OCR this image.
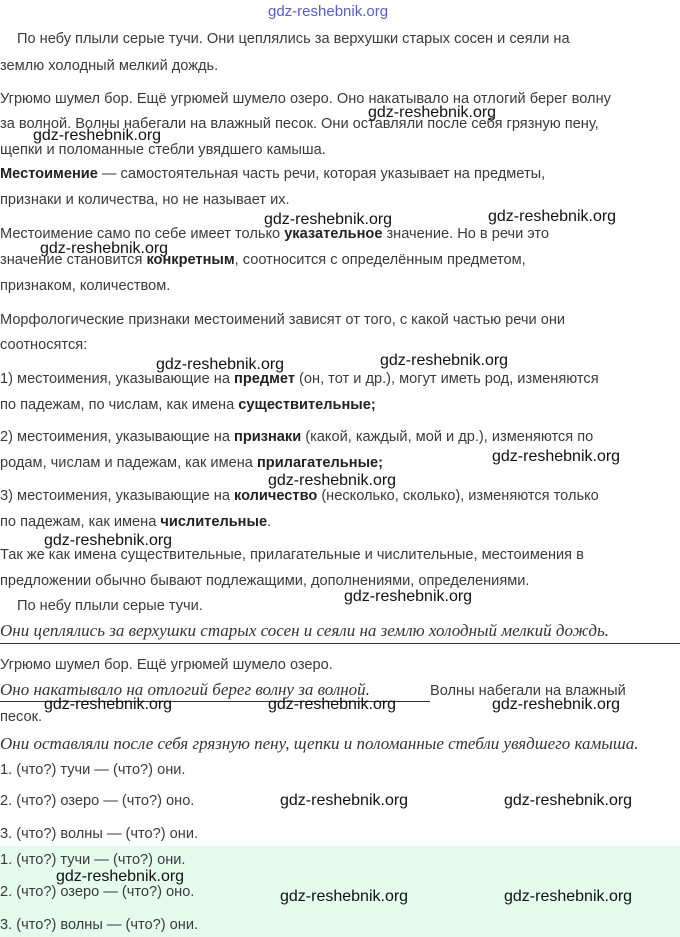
gdz-reshebnik.org
По небу плыли серые тучи. Они цеплялись за верхушки старых сосен и сеяли на
землю холодный мелкий дождь.
Угрюмо шумел бор. Ещё угрюмей шумело озеро. Оно накатывало на отлогий берег волну
за волной. Волны набегали на влажный песок. Они оставляли после себя грязную пену,
щепки и поломанные стебли увядшего камыша.
Местоимение — самостоятельная часть речи, которая указывает на предметы,
признаки и количества, но не называет их.
Местоимение само по себе имеет только указательное значение. Но в речи это
значение становится конкретным, соотносится с определённым предметом,
признаком, количеством.
Морфологические признаки местоимений зависят от того, с какой частью речи они
соотносятся:
1) местоимения, указывающие на предмет (он, тот и др.), могут иметь род, изменяются
по падежам, по числам, как имена существительные;
2) местоимения, указывающие на признаки (какой, каждый, мой и др.), изменяются по
родам, числам и падежам, как имена прилагательные;
3) местоимения, указывающие на количество (несколько, сколько), изменяются только
по падежам, как имена числительные.
Так же как имена существительные, прилагательные и числительные, местоимения в
предложении обычно бывают подлежащими, дополнениями, определениями.
По небу плыли серые тучи.
Они цеплялись за верхушки старых сосен и сеяли на землю холодный мелкий дождь.
Угрюмо шумел бор. Ещё угрюмей шумело озеро.
Оно накатывало на отлогий берег волну за волной.	Волны набегали на влажный
песок.
Они оставляли после себя грязную пену, щепки и поломанные стебли увядшего камыша.
1. (что?) тучи — (что?) они.
2. (что?) озеро — (что?) оно.
3. (что?) волны — (что?) они.
1. (что?) тучи — (что?) они.
2. (что?) озеро — (что?) оно.
3. (что?) волны — (что?) они.
gdz-reshebnik.org
gdz-reshebnik.org
gdz-reshebnik.org	gdz-reshebnik.org
gdz-reshebnik.org
gdz-reshebnik.org	gdz-reshebnik.org
gdz-reshebnik.org
gdz-reshebnik.org
gdz-reshebnik.org
gdz-reshebnik.org
gdz-reshebnik.org	gdz-reshebnik.org	gdz-reshebnik.org
gdz-reshebnik.org	gdz-reshebnik.org
gdz-reshebnik.org
gdz-reshebnik.org	gdz-reshebnik.org
